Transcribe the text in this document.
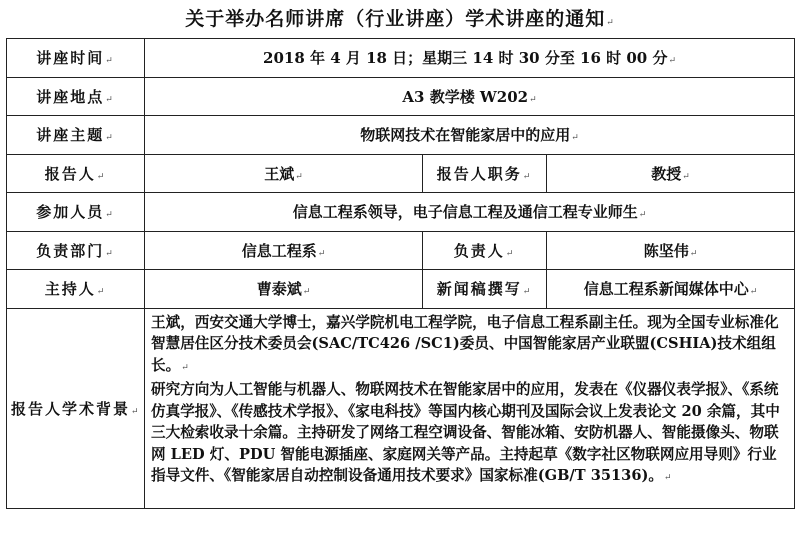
关于举办名师讲席（行业讲座）学术讲座的通知↵
讲座时间↵	2018 年 4 月 18 日；星期三 14 时 30 分至 16 时 00 分↵		
讲座地点↵	A3 教学楼 W202↵		
讲座主题↵	物联网技术在智能家居中的应用↵		
报告人↵	王斌↵	报告人职务↵	教授↵
参加人员↵	信息工程系领导，电子信息工程及通信工程专业师生↵		
负责部门↵	信息工程系↵	负责人↵	陈坚伟↵
主持人↵	曹泰斌↵	新闻稿撰写↵	信息工程系新闻媒体中心↵
报告人学术背景↵	王斌，西安交通大学博士，嘉兴学院机电工程学院，电子信息工程系副主任。现为全国专业标准化智慧居住区分技术委员会(SAC/TC426 /SC1)委员、中国智能家居产业联盟(CSHIA)技术组组长。↵

研究方向为人工智能与机器人、物联网技术在智能家居中的应用，发表在《仪器仪表学报》、《系统仿真学报》、《传感技术学报》、《家电科技》等国内核心期刊及国际会议上发表论文 20 余篇，其中三大检索收录十余篇。主持研发了网络工程空调设备、智能冰箱、安防机器人、智能摄像头、物联网 LED 灯、PDU 智能电源插座、家庭网关等产品。主持起草《数字社区物联网应用导则》行业指导文件、《智能家居自动控制设备通用技术要求》国家标准(GB/T 35136)。↵		
